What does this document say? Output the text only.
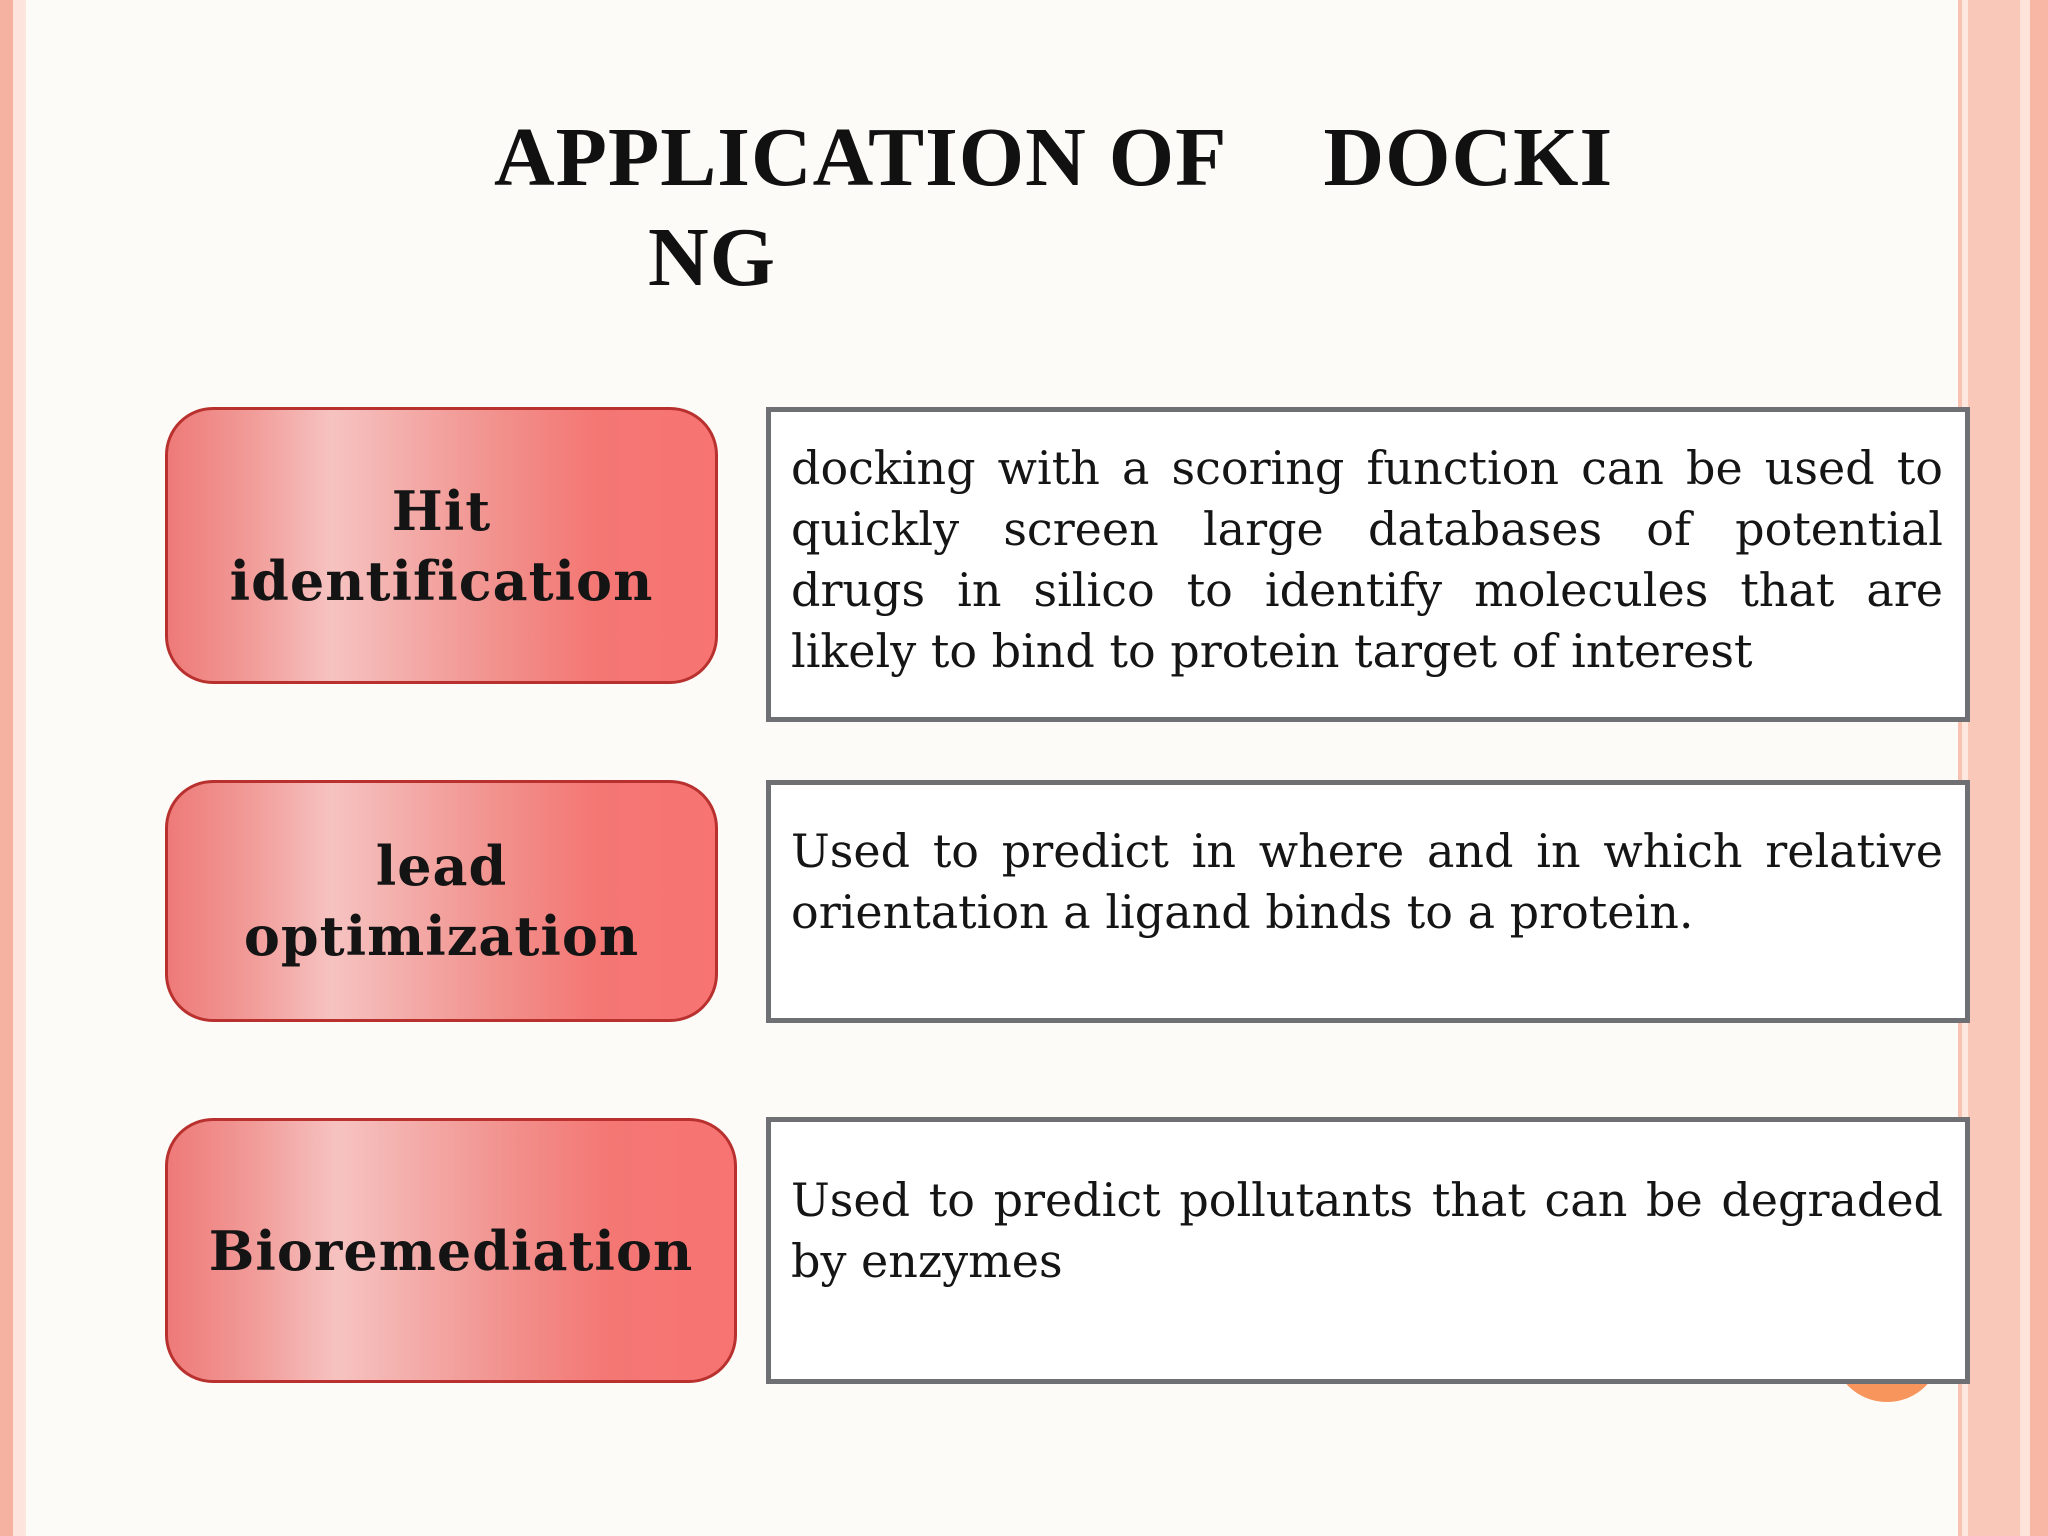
APPLICATION OF DOCKI
NG
Hit
identification
docking with a scoring function can be used to quickly screen large databases of potential drugs in silico to identify molecules that are likely to bind to protein target of interest
lead
optimization
Used to predict in where and in which relative orientation a ligand binds to a protein.
Bioremediation
Used to predict pollutants that can be degraded by enzymes
